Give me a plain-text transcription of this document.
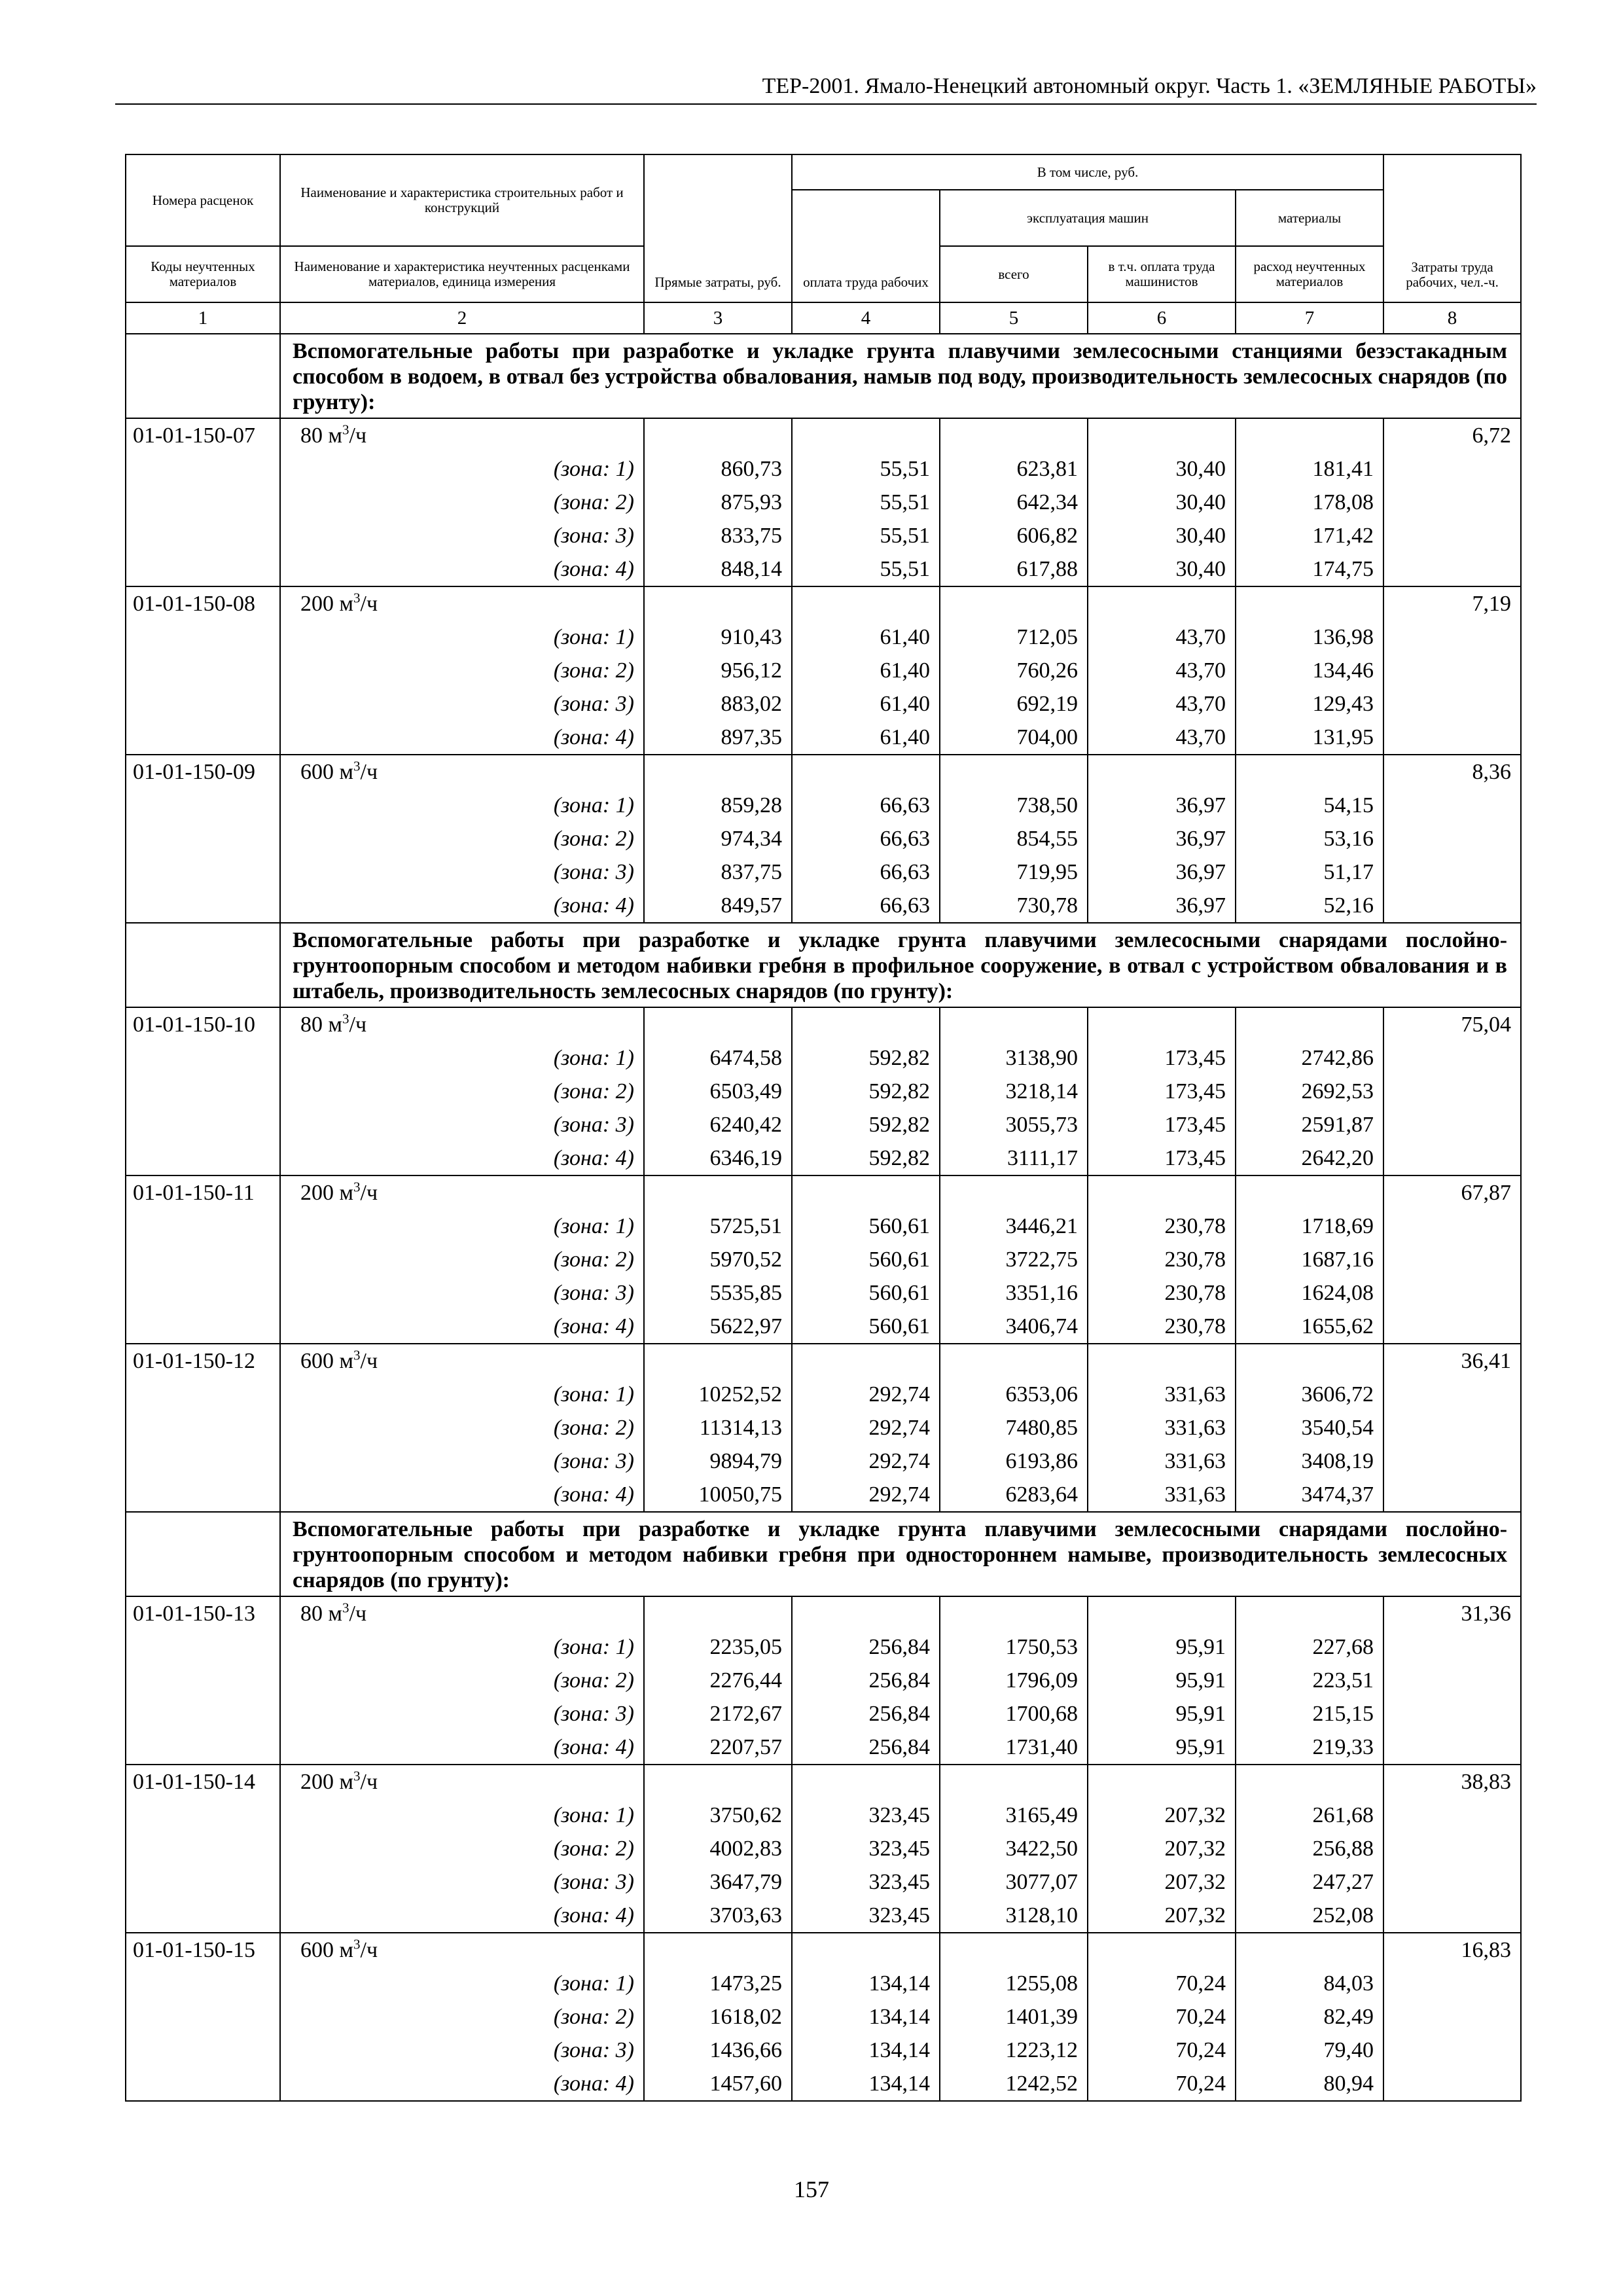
ТЕР-2001. Ямало-Ненецкий автономный округ. Часть 1. «ЗЕМЛЯНЫЕ РАБОТЫ»
Номера расценок	Наименование и характеристика строительных работ и конструкций	Прямые затраты, руб.	В том числе, руб.				Затраты труда рабочих, чел.-ч.
			оплата труда рабочих	эксплуатация машин		материалы	
Коды неучтенных материалов	Наименование и характеристика неучтенных расценками материалов, единица измерения			всего	в т.ч. оплата труда машинистов	расход неучтенных материалов	
1	2	3	4	5	6	7	8
	Вспомогательные работы при разработке и укладке грунта плавучими землесосными станциями безэстакадным способом в водоем, в отвал без устройства обвалования, намыв под воду, производительность землесосных снарядов (по грунту):						
01-01-150-07	80 $м^3/ч$						6,72

	(зона: 1)	860,73	55,51	623,81	30,40	181,41	

	(зона: 2)	875,93	55,51	642,34	30,40	178,08	

	(зона: 3)	833,75	55,51	606,82	30,40	171,42	

	(зона: 4)	848,14	55,51	617,88	30,40	174,75	
01-01-150-08	200 $м^3/ч$						7,19

	(зона: 1)	910,43	61,40	712,05	43,70	136,98	

	(зона: 2)	956,12	61,40	760,26	43,70	134,46	

	(зона: 3)	883,02	61,40	692,19	43,70	129,43	

	(зона: 4)	897,35	61,40	704,00	43,70	131,95	
01-01-150-09	600 $м^3/ч$						8,36

	(зона: 1)	859,28	66,63	738,50	36,97	54,15	

	(зона: 2)	974,34	66,63	854,55	36,97	53,16	

	(зона: 3)	837,75	66,63	719,95	36,97	51,17	

	(зона: 4)	849,57	66,63	730,78	36,97	52,16	
	Вспомогательные работы при разработке и укладке грунта плавучими землесосными снарядами послойно-грунтоопорным способом и методом набивки гребня в профильное сооружение, в отвал с устройством обвалования и в штабель, производительность землесосных снарядов (по грунту):						
01-01-150-10	80 $м^3/ч$						75,04

	(зона: 1)	6474,58	592,82	3138,90	173,45	2742,86	

	(зона: 2)	6503,49	592,82	3218,14	173,45	2692,53	

	(зона: 3)	6240,42	592,82	3055,73	173,45	2591,87	

	(зона: 4)	6346,19	592,82	3111,17	173,45	2642,20	
01-01-150-11	200 $м^3/ч$						67,87

	(зона: 1)	5725,51	560,61	3446,21	230,78	1718,69	

	(зона: 2)	5970,52	560,61	3722,75	230,78	1687,16	

	(зона: 3)	5535,85	560,61	3351,16	230,78	1624,08	

	(зона: 4)	5622,97	560,61	3406,74	230,78	1655,62	
01-01-150-12	600 $м^3/ч$						36,41

	(зона: 1)	10252,52	292,74	6353,06	331,63	3606,72	

	(зона: 2)	11314,13	292,74	7480,85	331,63	3540,54	

	(зона: 3)	9894,79	292,74	6193,86	331,63	3408,19	

	(зона: 4)	10050,75	292,74	6283,64	331,63	3474,37	
	Вспомогательные работы при разработке и укладке грунта плавучими землесосными снарядами послойно-грунтоопорным способом и методом набивки гребня при одностороннем намыве, производительность землесосных снарядов (по грунту):						
01-01-150-13	80 $м^3/ч$						31,36

	(зона: 1)	2235,05	256,84	1750,53	95,91	227,68	

	(зона: 2)	2276,44	256,84	1796,09	95,91	223,51	

	(зона: 3)	2172,67	256,84	1700,68	95,91	215,15	

	(зона: 4)	2207,57	256,84	1731,40	95,91	219,33	
01-01-150-14	200 $м^3/ч$						38,83

	(зона: 1)	3750,62	323,45	3165,49	207,32	261,68	

	(зона: 2)	4002,83	323,45	3422,50	207,32	256,88	

	(зона: 3)	3647,79	323,45	3077,07	207,32	247,27	

	(зона: 4)	3703,63	323,45	3128,10	207,32	252,08	
01-01-150-15	600 $м^3/ч$						16,83

	(зона: 1)	1473,25	134,14	1255,08	70,24	84,03	

	(зона: 2)	1618,02	134,14	1401,39	70,24	82,49	

	(зона: 3)	1436,66	134,14	1223,12	70,24	79,40	

	(зона: 4)	1457,60	134,14	1242,52	70,24	80,94	
157
